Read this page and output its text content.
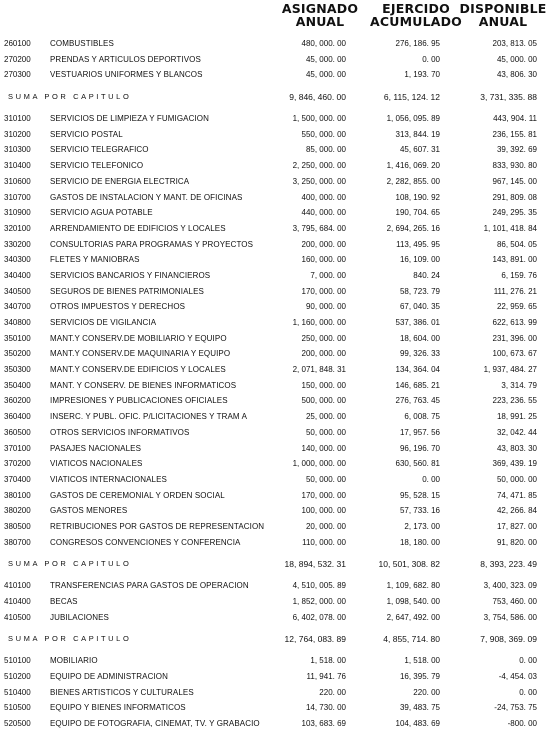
ASIGNADO
ANUAL
EJERCIDO
ACUMULADO
DISPONIBLE
ANUAL
260100	COMBUSTIBLES	480, 000. 00	276, 186. 95	203, 813. 05
270200	PRENDAS Y ARTICULOS DEPORTIVOS	45, 000. 00	0. 00	45, 000. 00
270300	VESTUARIOS UNIFORMES Y BLANCOS	45, 000. 00	1, 193. 70	43, 806. 30
SUMA POR CAPITULO	9, 846, 460. 00	6, 115, 124. 12	3, 731, 335. 88
310100	SERVICIOS DE LIMPIEZA Y FUMIGACION	1, 500, 000. 00	1, 056, 095. 89	443, 904. 11
310200	SERVICIO POSTAL	550, 000. 00	313, 844. 19	236, 155. 81
310300	SERVICIO TELEGRAFICO	85, 000. 00	45, 607. 31	39, 392. 69
310400	SERVICIO TELEFONICO	2, 250, 000. 00	1, 416, 069. 20	833, 930. 80
310600	SERVICIO DE ENERGIA ELECTRICA	3, 250, 000. 00	2, 282, 855. 00	967, 145. 00
310700	GASTOS DE INSTALACION Y MANT. DE OFICINAS	400, 000. 00	108, 190. 92	291, 809. 08
310900	SERVICIO AGUA POTABLE	440, 000. 00	190, 704. 65	249, 295. 35
320100	ARRENDAMIENTO DE EDIFICIOS Y LOCALES	3, 795, 684. 00	2, 694, 265. 16	1, 101, 418. 84
330200	CONSULTORIAS PARA PROGRAMAS Y PROYECTOS	200, 000. 00	113, 495. 95	86, 504. 05
340300	FLETES Y MANIOBRAS	160, 000. 00	16, 109. 00	143, 891. 00
340400	SERVICIOS BANCARIOS Y FINANCIEROS	7, 000. 00	840. 24	6, 159. 76
340500	SEGUROS DE BIENES PATRIMONIALES	170, 000. 00	58, 723. 79	111, 276. 21
340700	OTROS IMPUESTOS Y DERECHOS	90, 000. 00	67, 040. 35	22, 959. 65
340800	SERVICIOS DE VIGILANCIA	1, 160, 000. 00	537, 386. 01	622, 613. 99
350100	MANT.Y CONSERV.DE MOBILIARIO Y EQUIPO	250, 000. 00	18, 604. 00	231, 396. 00
350200	MANT.Y CONSERV.DE MAQUINARIA Y EQUIPO	200, 000. 00	99, 326. 33	100, 673. 67
350300	MANT.Y CONSERV.DE EDIFICIOS Y LOCALES	2, 071, 848. 31	134, 364. 04	1, 937, 484. 27
350400	MANT. Y CONSERV. DE BIENES INFORMATICOS	150, 000. 00	146, 685. 21	3, 314. 79
360200	IMPRESIONES Y PUBLICACIONES OFICIALES	500, 000. 00	276, 763. 45	223, 236. 55
360400	INSERC. Y PUBL. OFIC. P/LICITACIONES Y TRAM A	25, 000. 00	6, 008. 75	18, 991. 25
360500	OTROS SERVICIOS INFORMATIVOS	50, 000. 00	17, 957. 56	32, 042. 44
370100	PASAJES NACIONALES	140, 000. 00	96, 196. 70	43, 803. 30
370200	VIATICOS NACIONALES	1, 000, 000. 00	630, 560. 81	369, 439. 19
370400	VIATICOS INTERNACIONALES	50, 000. 00	0. 00	50, 000. 00
380100	GASTOS DE CEREMONIAL Y ORDEN SOCIAL	170, 000. 00	95, 528. 15	74, 471. 85
380200	GASTOS MENORES	100, 000. 00	57, 733. 16	42, 266. 84
380500	RETRIBUCIONES POR GASTOS DE REPRESENTACION	20, 000. 00	2, 173. 00	17, 827. 00
380700	CONGRESOS CONVENCIONES Y CONFERENCIA	110, 000. 00	18, 180. 00	91, 820. 00
SUMA POR CAPITULO	18, 894, 532. 31	10, 501, 308. 82	8, 393, 223. 49
410100	TRANSFERENCIAS PARA GASTOS DE OPERACION	4, 510, 005. 89	1, 109, 682. 80	3, 400, 323. 09
410400	BECAS	1, 852, 000. 00	1, 098, 540. 00	753, 460. 00
410500	JUBILACIONES	6, 402, 078. 00	2, 647, 492. 00	3, 754, 586. 00
SUMA POR CAPITULO	12, 764, 083. 89	4, 855, 714. 80	7, 908, 369. 09
510100	MOBILIARIO	1, 518. 00	1, 518. 00	0. 00
510200	EQUIPO DE ADMINISTRACION	11, 941. 76	16, 395. 79	-4, 454. 03
510400	BIENES ARTISTICOS Y CULTURALES	220. 00	220. 00	0. 00
510500	EQUIPO Y BIENES INFORMATICOS	14, 730. 00	39, 483. 75	-24, 753. 75
520500	EQUIPO DE FOTOGRAFIA, CINEMAT, TV. Y GRABACIO	103, 683. 69	104, 483. 69	-800. 00
